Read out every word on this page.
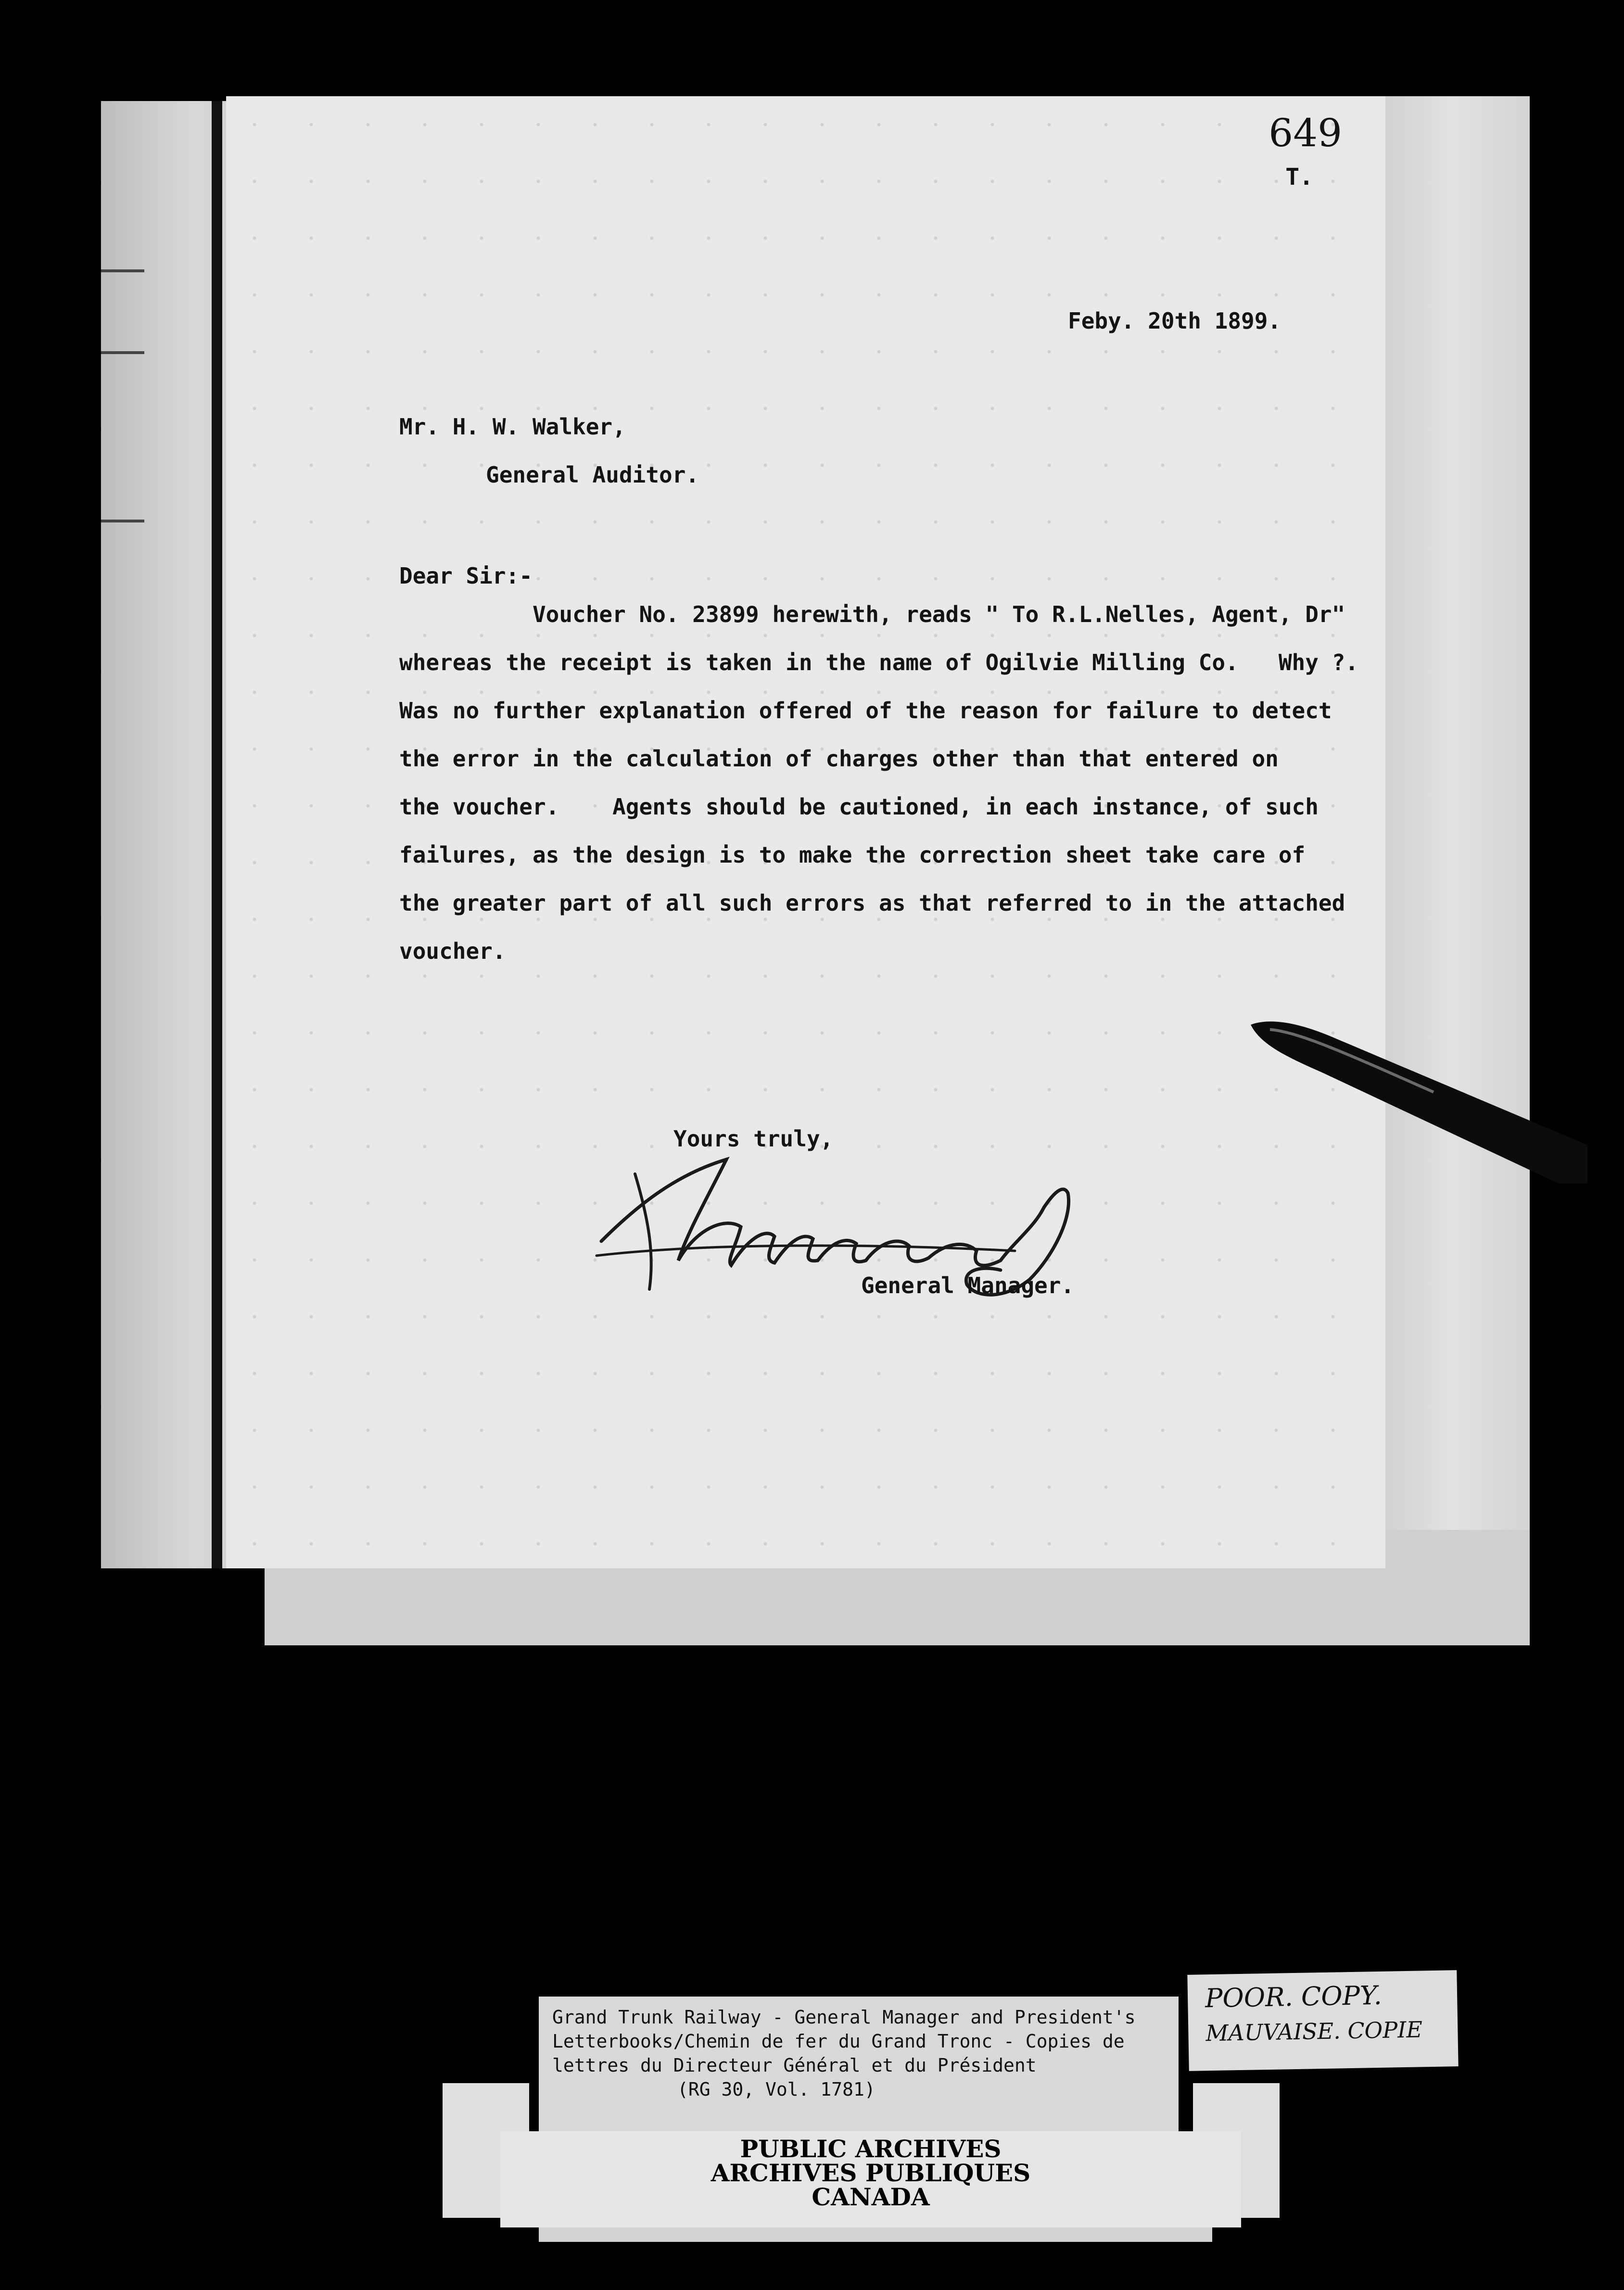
649
T.
Feby. 20th 1899.
Mr. H. W. Walker,
General Auditor.
Dear Sir:-
Voucher No. 23899 herewith, reads " To R.L.Nelles, Agent, Dr"
whereas the receipt is taken in the name of Ogilvie Milling Co.   Why ?.
Was no further explanation offered of the reason for failure to detect
the error in the calculation of charges other than that entered on
the voucher.    Agents should be cautioned, in each instance, of such
failures, as the design is to make the correction sheet take care of
the greater part of all such errors as that referred to in the attached
voucher.
Yours truly,
General Manager.
Grand Trunk Railway - General Manager and President's
Letterbooks/Chemin de fer du Grand Tronc - Copies de
lettres du Directeur Général et du Président
(RG 30, Vol. 1781)
POOR. COPY.
MAUVAISE. COPIE
PUBLIC ARCHIVES
ARCHIVES PUBLIQUES
CANADA
